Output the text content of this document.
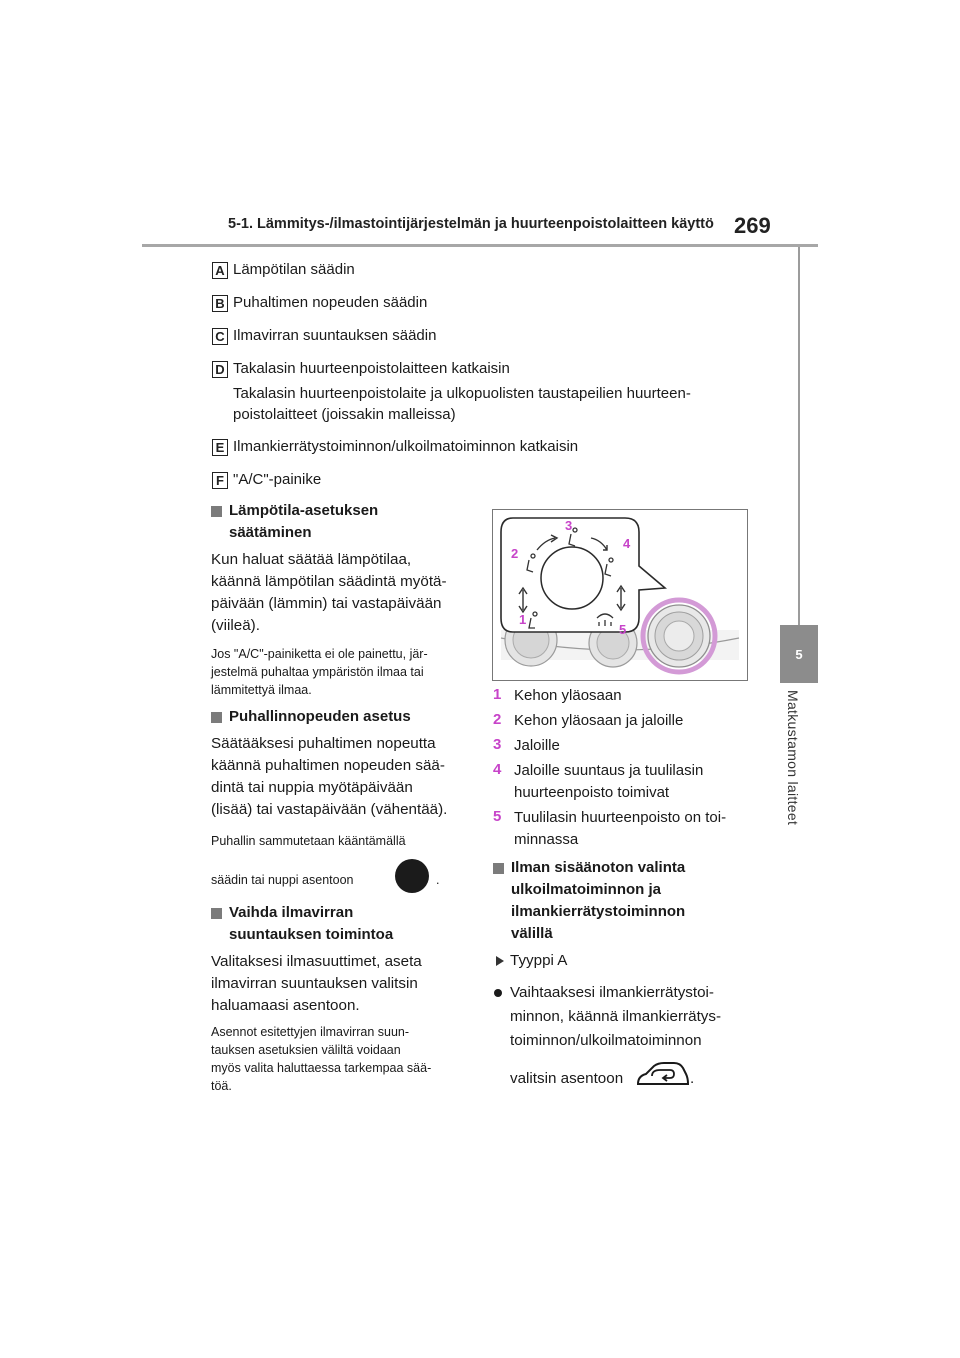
5-1. Lämmitys-/ilmastointijärjestelmän ja huurteenpoistolaitteen käyttö 269
5
Matkustamon laitteet
A Lämpötilan säädin
B Puhaltimen nopeuden säädin
C Ilmavirran suuntauksen säädin
D Takalasin huurteenpoistolaitteen katkaisin
Takalasin huurteenpoistolaite ja ulkopuolisten taustapeilien huurteen-
poistolaitteet (joissakin malleissa)
E Ilmankierrätystoiminnon/ulkoilmatoiminnon katkaisin
F "A/C"-painike
Lämpötila-asetuksen
säätäminen
Kun haluat säätää lämpötilaa,
käännä lämpötilan säädintä myötä-
päivään (lämmin) tai vastapäivään
(viileä).
Jos "A/C"-painiketta ei ole painettu, jär-
jestelmä puhaltaa ympäristön ilmaa tai
lämmitettyä ilmaa.
Puhallinnopeuden asetus
Säätääksesi puhaltimen nopeutta
käännä puhaltimen nopeuden sää-
dintä tai nuppia myötäpäivään
(lisää) tai vastapäivään (vähentää).
Puhallin sammutetaan kääntämällä
säädin tai nuppi asentoon	.
Vaihda ilmavirran
suuntauksen toimintoa
Valitaksesi ilmasuuttimet, aseta
ilmavirran suuntauksen valitsin
haluamaasi asentoon.
Asennot esitettyjen ilmavirran suun-
tauksen asetuksien väliltä voidaan
myös valita haluttaessa tarkempaa sää-
töä.
3
2
4
1
5
1 Kehon yläosaan
2 Kehon yläosaan ja jaloille
3 Jaloille
4 Jaloille suuntaus ja tuulilasin
huurteenpoisto toimivat
5 Tuulilasin huurteenpoisto on toi-
minnassa
Ilman sisäänoton valinta
ulkoilmatoiminnon ja
ilmankierrätystoiminnon
välillä
Tyyppi A
Vaihtaaksesi ilmankierrätystoi-
minnon, käännä ilmankierrätys-
toiminnon/ulkoilmatoiminnon
valitsin asentoon	.
